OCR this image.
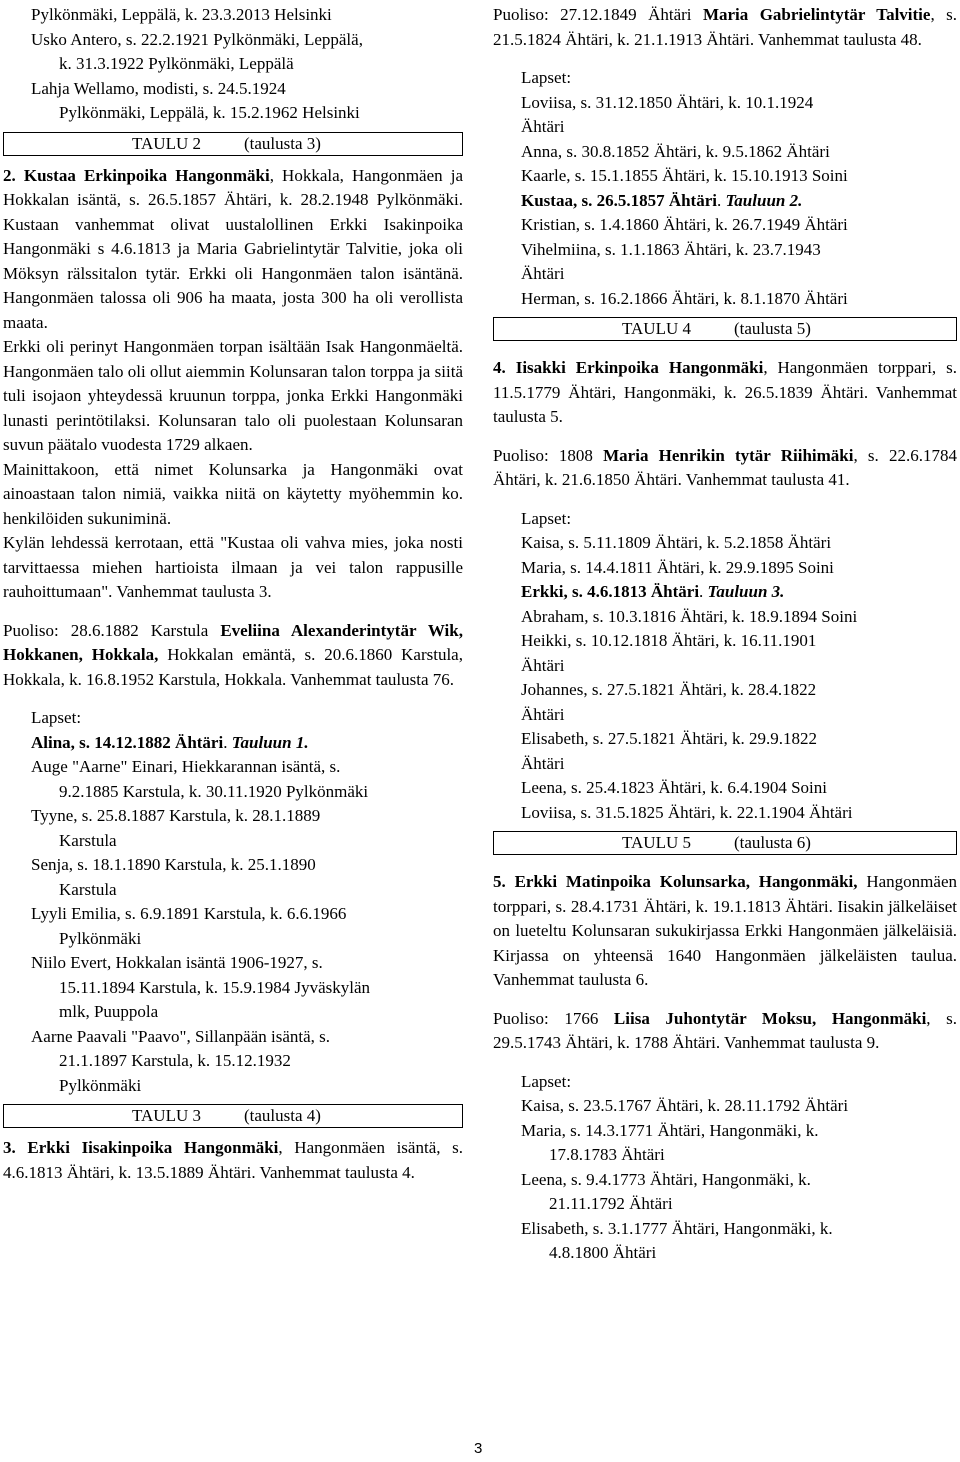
Pylkönmäki, Leppälä, k. 23.3.2013 Helsinki

Usko Antero, s. 22.2.1921 Pylkönmäki, Leppälä,

k. 31.3.1922 Pylkönmäki, Leppälä

Lahja Wellamo, modisti, s. 24.5.1924

Pylkönmäki, Leppälä, k. 15.2.1962 Helsinki

TAULU 2	(taulusta 3)

2. Kustaa Erkinpoika Hangonmäki, Hokkala, Hangonmäen ja Hokkalan isäntä, s. 26.5.1857 Ähtäri, k. 28.2.1948 Pylkönmäki. Kustaan vanhemmat olivat uustalollinen Erkki Isakinpoika Hangonmäki s 4.6.1813 ja Maria Gabrielintytär Talvitie, joka oli Möksyn rälssitalon tytär. Erkki oli Hangonmäen talon isäntänä. Hangonmäen talossa oli 906 ha maata, josta 300 ha oli verollista maata.

Erkki oli perinyt Hangonmäen torpan isältään Isak Hangonmäeltä. Hangonmäen talo oli ollut aiemmin Kolunsaran talon torppa ja siitä tuli isojaon yhteydessä kruunun torppa, jonka Erkki Hangonmäki lunasti perintötilaksi. Kolunsaran talo oli puolestaan Kolunsaran suvun päätalo vuodesta 1729 alkaen.

Mainittakoon, että nimet Kolunsarka ja Hangonmäki ovat ainoastaan talon nimiä, vaikka niitä on käytetty myöhemmin ko. henkilöiden sukuniminä.

Kylän lehdessä kerrotaan, että "Kustaa oli vahva mies, joka nosti tarvittaessa miehen hartioista ilmaan ja vei talon rappusille rauhoittumaan". Vanhemmat taulusta 3.

Puoliso: 28.6.1882 Karstula Eveliina Alexanderintytär Wik, Hokkanen, Hokkala, Hokkalan emäntä, s. 20.6.1860 Karstula, Hokkala, k. 16.8.1952 Karstula, Hokkala. Vanhemmat taulusta 76.

Lapset:

Alina, s. 14.12.1882 Ähtäri. Tauluun 1.

Auge "Aarne" Einari, Hiekkarannan isäntä, s.

9.2.1885 Karstula, k. 30.11.1920 Pylkönmäki

Tyyne, s. 25.8.1887 Karstula, k. 28.1.1889

Karstula

Senja, s. 18.1.1890 Karstula, k. 25.1.1890

Karstula

Lyyli Emilia, s. 6.9.1891 Karstula, k. 6.6.1966

Pylkönmäki

Niilo Evert, Hokkalan isäntä 1906-1927, s.

15.11.1894 Karstula, k. 15.9.1984 Jyväskylän

mlk, Puuppola

Aarne Paavali "Paavo", Sillanpään isäntä, s.

21.1.1897 Karstula, k. 15.12.1932

Pylkönmäki

TAULU 3	(taulusta 4)

3. Erkki Iisakinpoika Hangonmäki, Hangonmäen isäntä, s. 4.6.1813 Ähtäri, k. 13.5.1889 Ähtäri. Vanhemmat taulusta 4.

Puoliso: 27.12.1849 Ähtäri Maria Gabrielintytär Talvitie, s. 21.5.1824 Ähtäri, k. 21.1.1913 Ähtäri. Vanhemmat taulusta 48.

Lapset:

Loviisa, s. 31.12.1850 Ähtäri, k. 10.1.1924

Ähtäri

Anna, s. 30.8.1852 Ähtäri, k. 9.5.1862 Ähtäri

Kaarle, s. 15.1.1855 Ähtäri, k. 15.10.1913 Soini

Kustaa, s. 26.5.1857 Ähtäri. Tauluun 2.

Kristian, s. 1.4.1860 Ähtäri, k. 26.7.1949 Ähtäri

Vihelmiina, s. 1.1.1863 Ähtäri, k. 23.7.1943

Ähtäri

Herman, s. 16.2.1866 Ähtäri, k. 8.1.1870 Ähtäri

TAULU 4	(taulusta 5)

4. Iisakki Erkinpoika Hangonmäki, Hangonmäen torppari, s. 11.5.1779 Ähtäri, Hangonmäki, k. 26.5.1839 Ähtäri. Vanhemmat taulusta 5.

Puoliso: 1808 Maria Henrikin tytär Riihimäki, s. 22.6.1784 Ähtäri, k. 21.6.1850 Ähtäri. Vanhemmat taulusta 41.

Lapset:

Kaisa, s. 5.11.1809 Ähtäri, k. 5.2.1858 Ähtäri

Maria, s. 14.4.1811 Ähtäri, k. 29.9.1895 Soini

Erkki, s. 4.6.1813 Ähtäri. Tauluun 3.

Abraham, s. 10.3.1816 Ähtäri, k. 18.9.1894 Soini

Heikki, s. 10.12.1818 Ähtäri, k. 16.11.1901

Ähtäri

Johannes, s. 27.5.1821 Ähtäri, k. 28.4.1822

Ähtäri

Elisabeth, s. 27.5.1821 Ähtäri, k. 29.9.1822

Ähtäri

Leena, s. 25.4.1823 Ähtäri, k. 6.4.1904 Soini

Loviisa, s. 31.5.1825 Ähtäri, k. 22.1.1904 Ähtäri

TAULU 5	(taulusta 6)

5. Erkki Matinpoika Kolunsarka, Hangonmäki, Hangonmäen torppari, s. 28.4.1731 Ähtäri, k. 19.1.1813 Ähtäri. Iisakin jälkeläiset on lueteltu Kolunsaran sukukirjassa Erkki Hangonmäen jälkeläisiä. Kirjassa on yhteensä 1640 Hangonmäen jälkeläisten taulua. Vanhemmat taulusta 6.

Puoliso: 1766 Liisa Juhontytär Moksu, Hangonmäki, s. 29.5.1743 Ähtäri, k. 1788 Ähtäri. Vanhemmat taulusta 9.

Lapset:

Kaisa, s. 23.5.1767 Ähtäri, k. 28.11.1792 Ähtäri

Maria, s. 14.3.1771 Ähtäri, Hangonmäki, k.

17.8.1783 Ähtäri

Leena, s. 9.4.1773 Ähtäri, Hangonmäki, k.

21.11.1792 Ähtäri

Elisabeth, s. 3.1.1777 Ähtäri, Hangonmäki, k.

4.8.1800 Ähtäri

3
